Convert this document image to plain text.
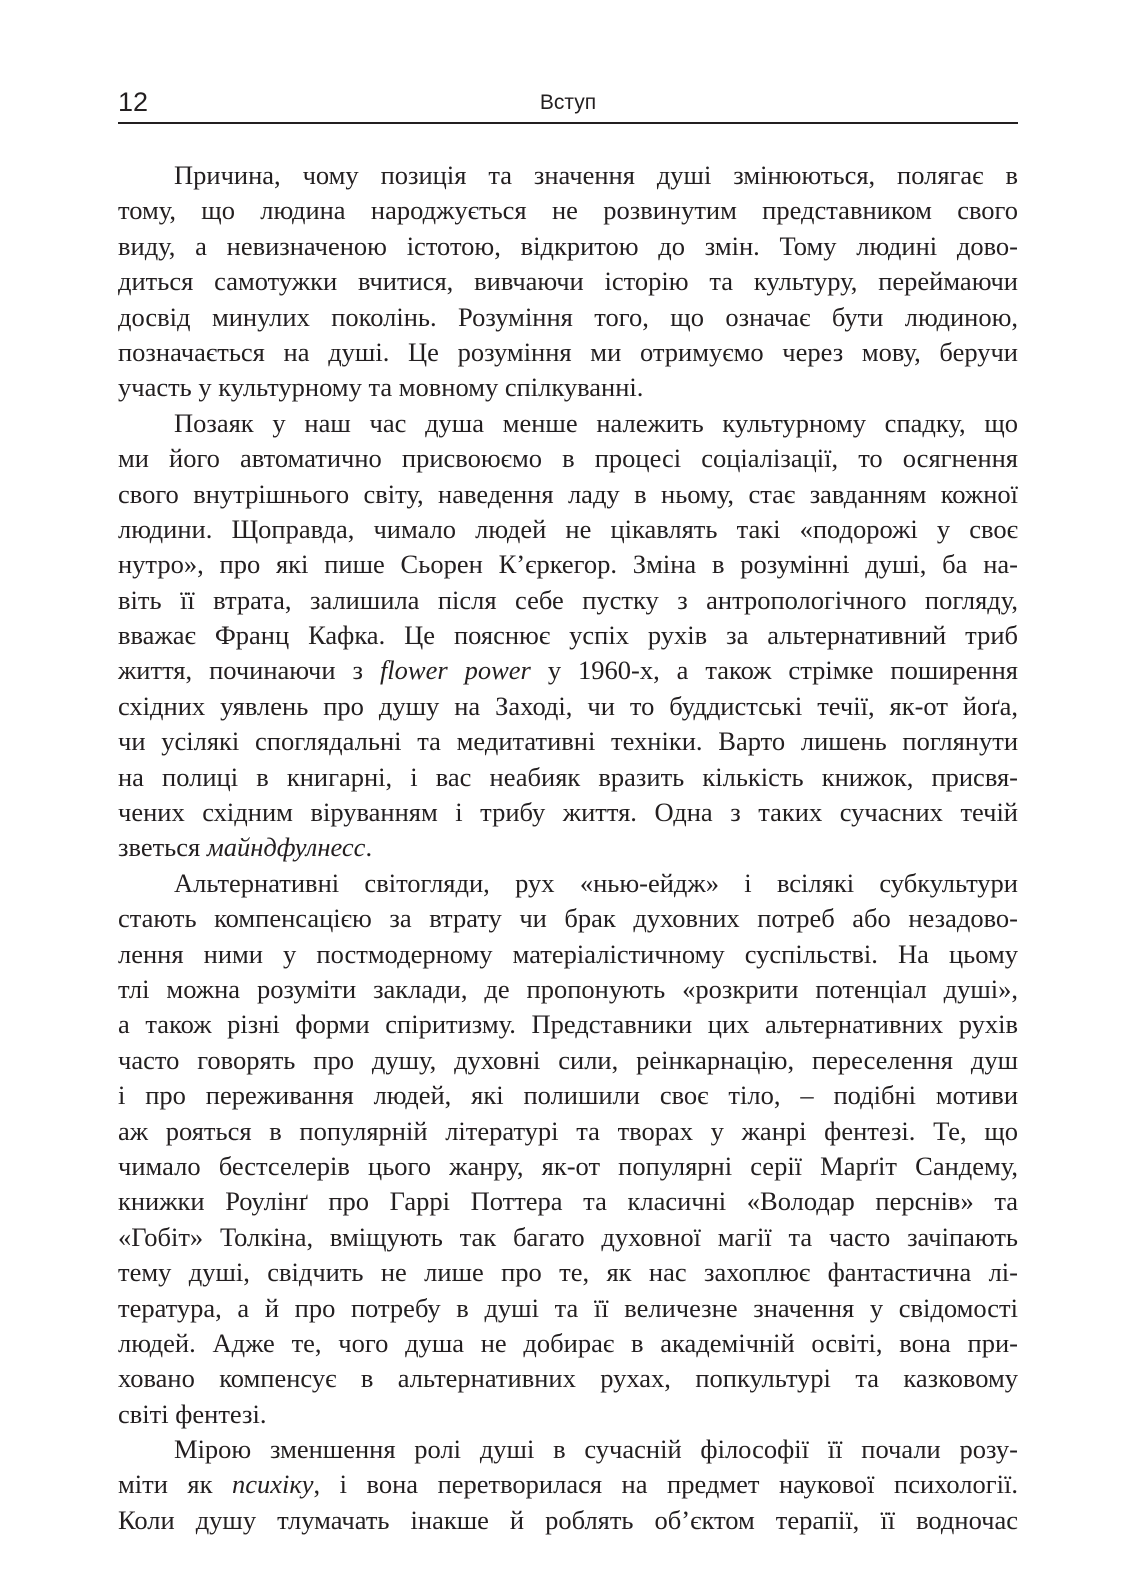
12	Вступ

Причина, чому позиція та значення душі змінюються, полягає в
тому, що людина народжується не розвинутим представником свого
виду, а невизначеною істотою, відкритою до змін. Тому людині дово-
диться самотужки вчитися, вивчаючи історію та культуру, переймаючи
досвід минулих поколінь. Розуміння того, що означає бути людиною,
позначається на душі. Це розуміння ми отримуємо через мову, беручи
участь у культурному та мовному спілкуванні.

Позаяк у наш час душа менше належить культурному спадку, що
ми його автоматично присвоюємо в процесі соціалізації, то осягнення
свого внутрішнього світу, наведення ладу в ньому, стає завданням кожної
людини. Щоправда, чимало людей не цікавлять такі «подорожі у своє
нутро», про які пише Сьорен К’єркегор. Зміна в розумінні душі, ба на-
віть її втрата, залишила після себе пустку з антропологічного погляду,
вважає Франц Кафка. Це пояснює успіх рухів за альтернативний триб
життя, починаючи з flower power у 1960-х, а також стрімке поширення
східних уявлень про душу на Заході, чи то буддистські течії, як-от йоґа,
чи усілякі споглядальні та медитативні техніки. Варто лишень поглянути
на полиці в книгарні, і вас неабияк вразить кількість книжок, присвя-
чених східним віруванням і трибу життя. Одна з таких сучасних течій
зветься майндфулнесс.

Альтернативні світогляди, рух «нью-ейдж» і всілякі субкультури
стають компенсацією за втрату чи брак духовних потреб або незадово-
лення ними у постмодерному матеріалістичному суспільстві. На цьому
тлі можна розуміти заклади, де пропонують «розкрити потенціал душі»,
а також різні форми спіритизму. Представники цих альтернативних рухів
часто говорять про душу, духовні сили, реінкарнацію, переселення душ
і про переживання людей, які полишили своє тіло, – подібні мотиви
аж рояться в популярній літературі та творах у жанрі фентезі. Те, що
чимало бестселерів цього жанру, як-от популярні серії Марґіт Сандему,
книжки Роулінґ про Гаррі Поттера та класичні «Володар перснів» та
«Гобіт» Толкіна, вміщують так багато духовної магії та часто зачіпають
тему душі, свідчить не лише про те, як нас захоплює фантастична лі-
тература, а й про потребу в душі та її величезне значення у свідомості
людей. Адже те, чого душа не добирає в академічній освіті, вона при-
ховано компенсує в альтернативних рухах, попкультурі та казковому
світі фентезі.

Мірою зменшення ролі душі в сучасній філософії її почали розу-
міти як психіку, і вона перетворилася на предмет наукової психології.
Коли душу тлумачать інакше й роблять об’єктом терапії, її водночас
